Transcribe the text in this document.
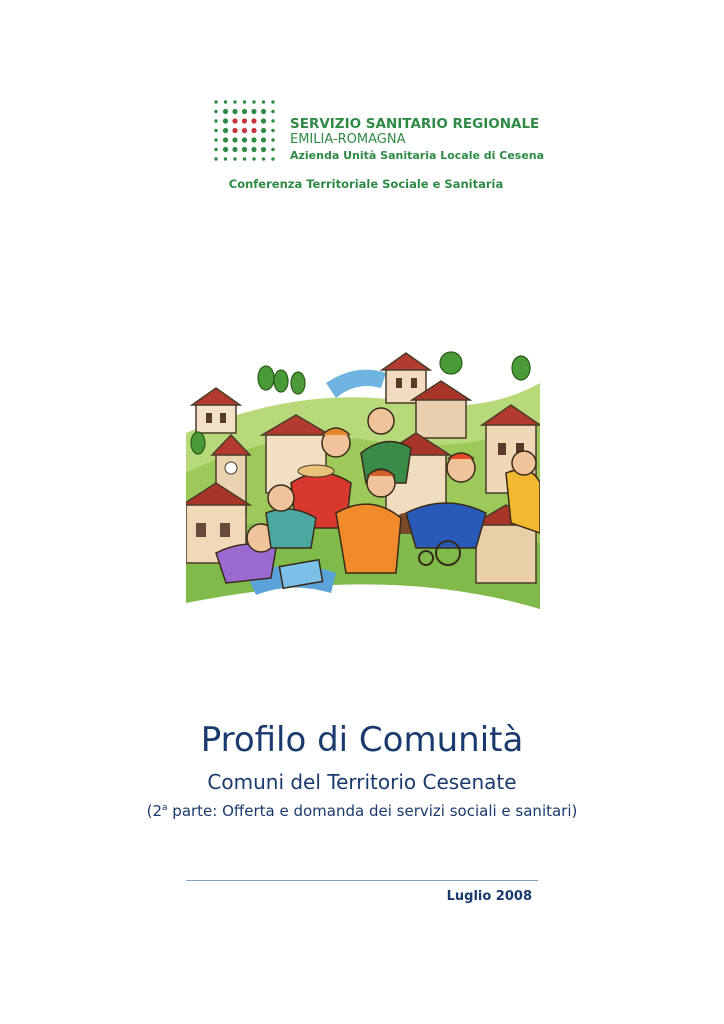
SERVIZIO SANITARIO REGIONALE
EMILIA-ROMAGNA
Azienda Unità Sanitaria Locale di Cesena
Conferenza Territoriale Sociale e Sanitaria
Profilo di Comunità
Comuni del Territorio Cesenate
(2$^a$ parte: Offerta e domanda dei servizi sociali e sanitari)
Luglio 2008
